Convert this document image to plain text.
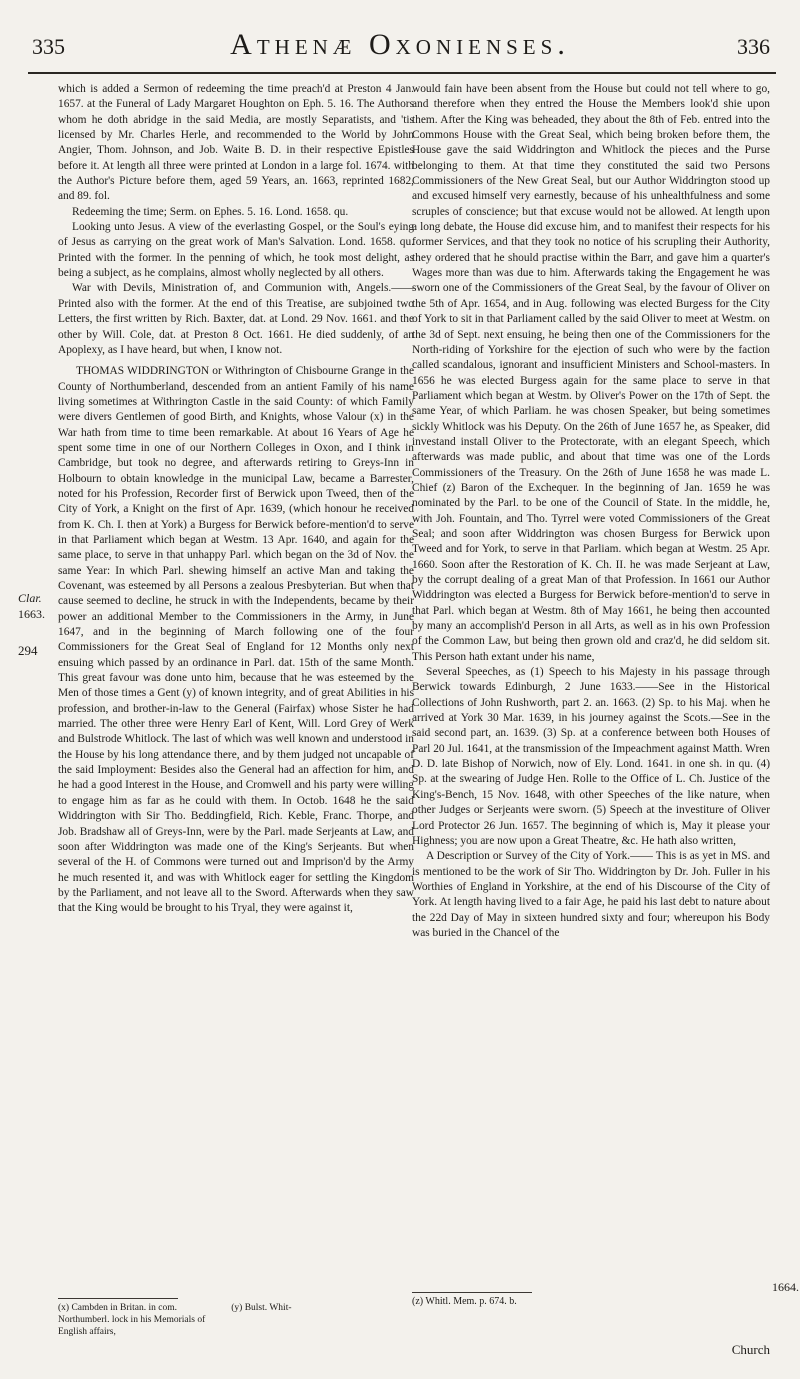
335	Athenæ Oxonienses.	336
Clar.
1663.
294
1664.

which is added a Sermon of redeeming the time preach'd at Preston 4 Jan. 1657. at the Funeral of Lady Margaret Houghton on Eph. 5. 16. The Authors whom he doth abridge in the said Media, are mostly Separatists, and 'tis licensed by Mr. Charles Herle, and recommended to the World by John Angier, Thom. Johnson, and Job. Waite B. D. in their respective Epistles before it. At length all three were printed at London in a large fol. 1674. with the Author's Picture before them, aged 59 Years, an. 1663, reprinted 1682, and 89. fol.

Redeeming the time; Serm. on Ephes. 5. 16. Lond. 1658. qu.

Looking unto Jesus. A view of the everlasting Gospel, or the Soul's eying of Jesus as carrying on the great work of Man's Salvation. Lond. 1658. qu. Printed with the former. In the penning of which, he took most delight, as being a subject, as he complains, almost wholly neglected by all others.

War with Devils, Ministration of, and Communion with, Angels.——Printed also with the former. At the end of this Treatise, are subjoined two Letters, the first written by Rich. Baxter, dat. at Lond. 29 Nov. 1661. and the other by Will. Cole, dat. at Preston 8 Oct. 1661. He died suddenly, of an Apoplexy, as I have heard, but when, I know not.

THOMAS WIDDRINGTON or Withrington of Chisbourne Grange in the County of Northumberland, descended from an antient Family of his name living sometimes at Withrington Castle in the said County: of which Family were divers Gentlemen of good Birth, and Knights, whose Valour (x) in the War hath from time to time been remarkable. At about 16 Years of Age he spent some time in one of our Northern Colleges in Oxon, and I think in Cambridge, but took no degree, and afterwards retiring to Greys-Inn in Holbourn to obtain knowledge in the municipal Law, became a Barrester, noted for his Profession, Recorder first of Berwick upon Tweed, then of the City of York, a Knight on the first of Apr. 1639, (which honour he received from K. Ch. I. then at York) a Burgess for Berwick before-mention'd to serve in that Parliament which began at Westm. 13 Apr. 1640, and again for the same place, to serve in that unhappy Parl. which began on the 3d of Nov. the same Year: In which Parl. shewing himself an active Man and taking the Covenant, was esteemed by all Persons a zealous Presbyterian. But when that cause seemed to decline, he struck in with the Independents, became by their power an additional Member to the Commissioners in the Army, in June 1647, and in the beginning of March following one of the four Commissioners for the Great Seal of England for 12 Months only next ensuing which passed by an ordinance in Parl. dat. 15th of the same Month. This great favour was done unto him, because that he was esteemed by the Men of those times a Gent (y) of known integrity, and of great Abilities in his profession, and brother-in-law to the General (Fairfax) whose Sister he had married. The other three were Henry Earl of Kent, Will. Lord Grey of Werk and Bulstrode Whitlock. The last of which was well known and understood in the House by his long attendance there, and by them judged not uncapable of the said Imployment: Besides also the General had an affection for him, and he had a good Interest in the House, and Cromwell and his party were willing to engage him as far as he could with them. In Octob. 1648 he the said Widdrington with Sir Tho. Beddingfield, Rich. Keble, Franc. Thorpe, and Job. Bradshaw all of Greys-Inn, were by the Parl. made Serjeants at Law, and soon after Widdrington was made one of the King's Serjeants. But when several of the H. of Commons were turned out and Imprison'd by the Army he much resented it, and was with Whitlock eager for settling the Kingdom by the Parliament, and not leave all to the Sword. Afterwards when they saw that the King would be brought to his Tryal, they were against it,

would fain have been absent from the House but could not tell where to go, and therefore when they entred the House the Members look'd shie upon them. After the King was beheaded, they about the 8th of Feb. entred into the Commons House with the Great Seal, which being broken before them, the House gave the said Widdrington and Whitlock the pieces and the Purse belonging to them. At that time they constituted the said two Persons Commissioners of the New Great Seal, but our Author Widdrington stood up and excused himself very earnestly, because of his unhealthfulness and some scruples of conscience; but that excuse would not be allowed. At length upon a long debate, the House did excuse him, and to manifest their respects for his former Services, and that they took no notice of his scrupling their Authority, they ordered that he should practise within the Barr, and gave him a quarter's Wages more than was due to him. Afterwards taking the Engagement he was sworn one of the Commissioners of the Great Seal, by the favour of Oliver on the 5th of Apr. 1654, and in Aug. following was elected Burgess for the City of York to sit in that Parliament called by the said Oliver to meet at Westm. on the 3d of Sept. next ensuing, he being then one of the Commissioners for the North-riding of Yorkshire for the ejection of such who were by the faction called scandalous, ignorant and insufficient Ministers and School-masters. In 1656 he was elected Burgess again for the same place to serve in that Parliament which began at Westm. by Oliver's Power on the 17th of Sept. the same Year, of which Parliam. he was chosen Speaker, but being sometimes sickly Whitlock was his Deputy. On the 26th of June 1657 he, as Speaker, did investand install Oliver to the Protectorate, with an elegant Speech, which afterwards was made public, and about that time was one of the Lords Commissioners of the Treasury. On the 26th of June 1658 he was made L. Chief (z) Baron of the Exchequer. In the beginning of Jan. 1659 he was nominated by the Parl. to be one of the Council of State. In the middle, he, with Joh. Fountain, and Tho. Tyrrel were voted Commissioners of the Great Seal; and soon after Widdrington was chosen Burgess for Berwick upon Tweed and for York, to serve in that Parliam. which began at Westm. 25 Apr. 1660. Soon after the Restoration of K. Ch. II. he was made Serjeant at Law, by the corrupt dealing of a great Man of that Profession. In 1661 our Author Widdrington was elected a Burgess for Berwick before-mention'd to serve in that Parl. which began at Westm. 8th of May 1661, he being then accounted by many an accomplish'd Person in all Arts, as well as in his own Profession of the Common Law, but being then grown old and craz'd, he did seldom sit. This Person hath extant under his name,

Several Speeches, as (1) Speech to his Majesty in his passage through Berwick towards Edinburgh, 2 June 1633.——See in the Historical Collections of John Rushworth, part 2. an. 1663. (2) Sp. to his Maj. when he arrived at York 30 Mar. 1639, in his journey against the Scots.—See in the said second part, an. 1639. (3) Sp. at a conference between both Houses of Parl 20 Jul. 1641, at the transmission of the Impeachment against Matth. Wren D. D. late Bishop of Norwich, now of Ely. Lond. 1641. in one sh. in qu. (4) Sp. at the swearing of Judge Hen. Rolle to the Office of L. Ch. Justice of the King's-Bench, 15 Nov. 1648, with other Speeches of the like nature, when other Judges or Serjeants were sworn. (5) Speech at the investiture of Oliver Lord Protector 26 Jun. 1657. The beginning of which is, May it please your Highness; you are now upon a Great Theatre, &c. He hath also written,

A Description or Survey of the City of York.—— This is as yet in MS. and is mentioned to be the work of Sir Tho. Widdrington by Dr. Joh. Fuller in his Worthies of England in Yorkshire, at the end of his Discourse of the City of York. At length having lived to a fair Age, he paid his last debt to nature about the 22d Day of May in sixteen hundred sixty and four; whereupon his Body was buried in the Chancel of the

(x) Cambden in Britan. in com. Northumberl. lock in his Memorials of English affairs, (y) Bulst. Whit-
(z) Whitl. Mem. p. 674. b.
Church
